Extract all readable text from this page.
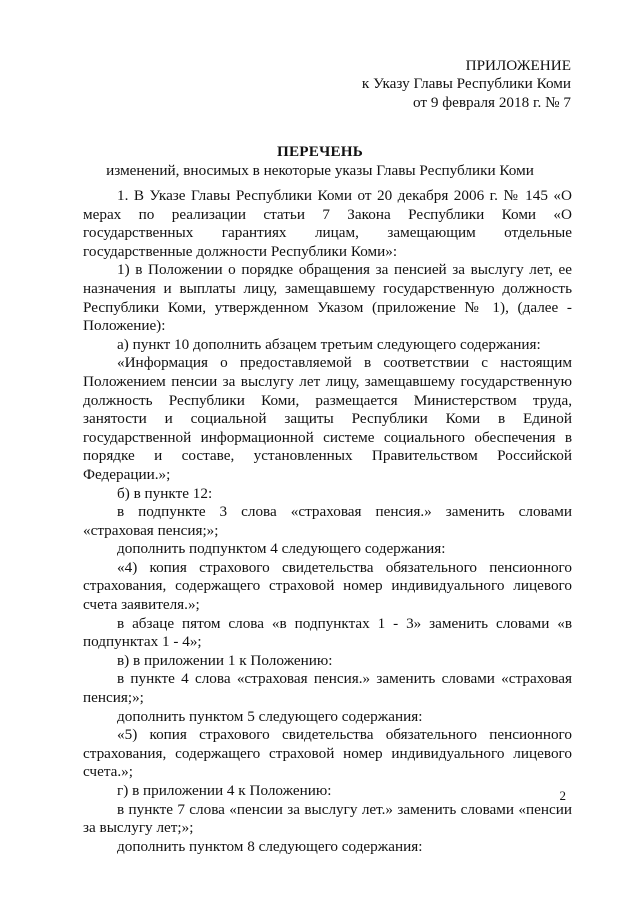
ПРИЛОЖЕНИЕ
к Указу Главы Республики Коми
от 9 февраля 2018 г. № 7
ПЕРЕЧЕНЬ
изменений, вносимых в некоторые указы Главы Республики Коми

1. В Указе Главы Республики Коми от 20 декабря 2006 г. № 145 «О мерах по реализации статьи 7 Закона Республики Коми «О государственных гарантиях лицам, замещающим отдельные государственные должности Республики Коми»:

1) в Положении о порядке обращения за пенсией за выслугу лет, ее назначения и выплаты лицу, замещавшему государственную должность Республики Коми, утвержденном Указом (приложение № 1), (далее - Положение):

а) пункт 10 дополнить абзацем третьим следующего содержания:

«Информация о предоставляемой в соответствии с настоящим Положением пенсии за выслугу лет лицу, замещавшему государственную должность Республики Коми, размещается Министерством труда, занятости и социальной защиты Республики Коми в Единой государственной информационной системе социального обеспечения в порядке и составе, установленных Правительством Российской Федерации.»;

б) в пункте 12:

в подпункте 3 слова «страховая пенсия.» заменить словами «страховая пенсия;»;

дополнить подпунктом 4 следующего содержания:

«4) копия страхового свидетельства обязательного пенсионного страхования, содержащего страховой номер индивидуального лицевого счета заявителя.»;

в абзаце пятом слова «в подпунктах 1 - 3» заменить словами «в подпунктах 1 - 4»;

в) в приложении 1 к Положению:

в пункте 4 слова «страховая пенсия.» заменить словами «страховая пенсия;»;

дополнить пунктом 5 следующего содержания:

«5) копия страхового свидетельства обязательного пенсионного страхования, содержащего страховой номер индивидуального лицевого счета.»;

г) в приложении 4 к Положению:

в пункте 7 слова «пенсии за выслугу лет.» заменить словами «пенсии за выслугу лет;»;

дополнить пунктом 8 следующего содержания:

2
